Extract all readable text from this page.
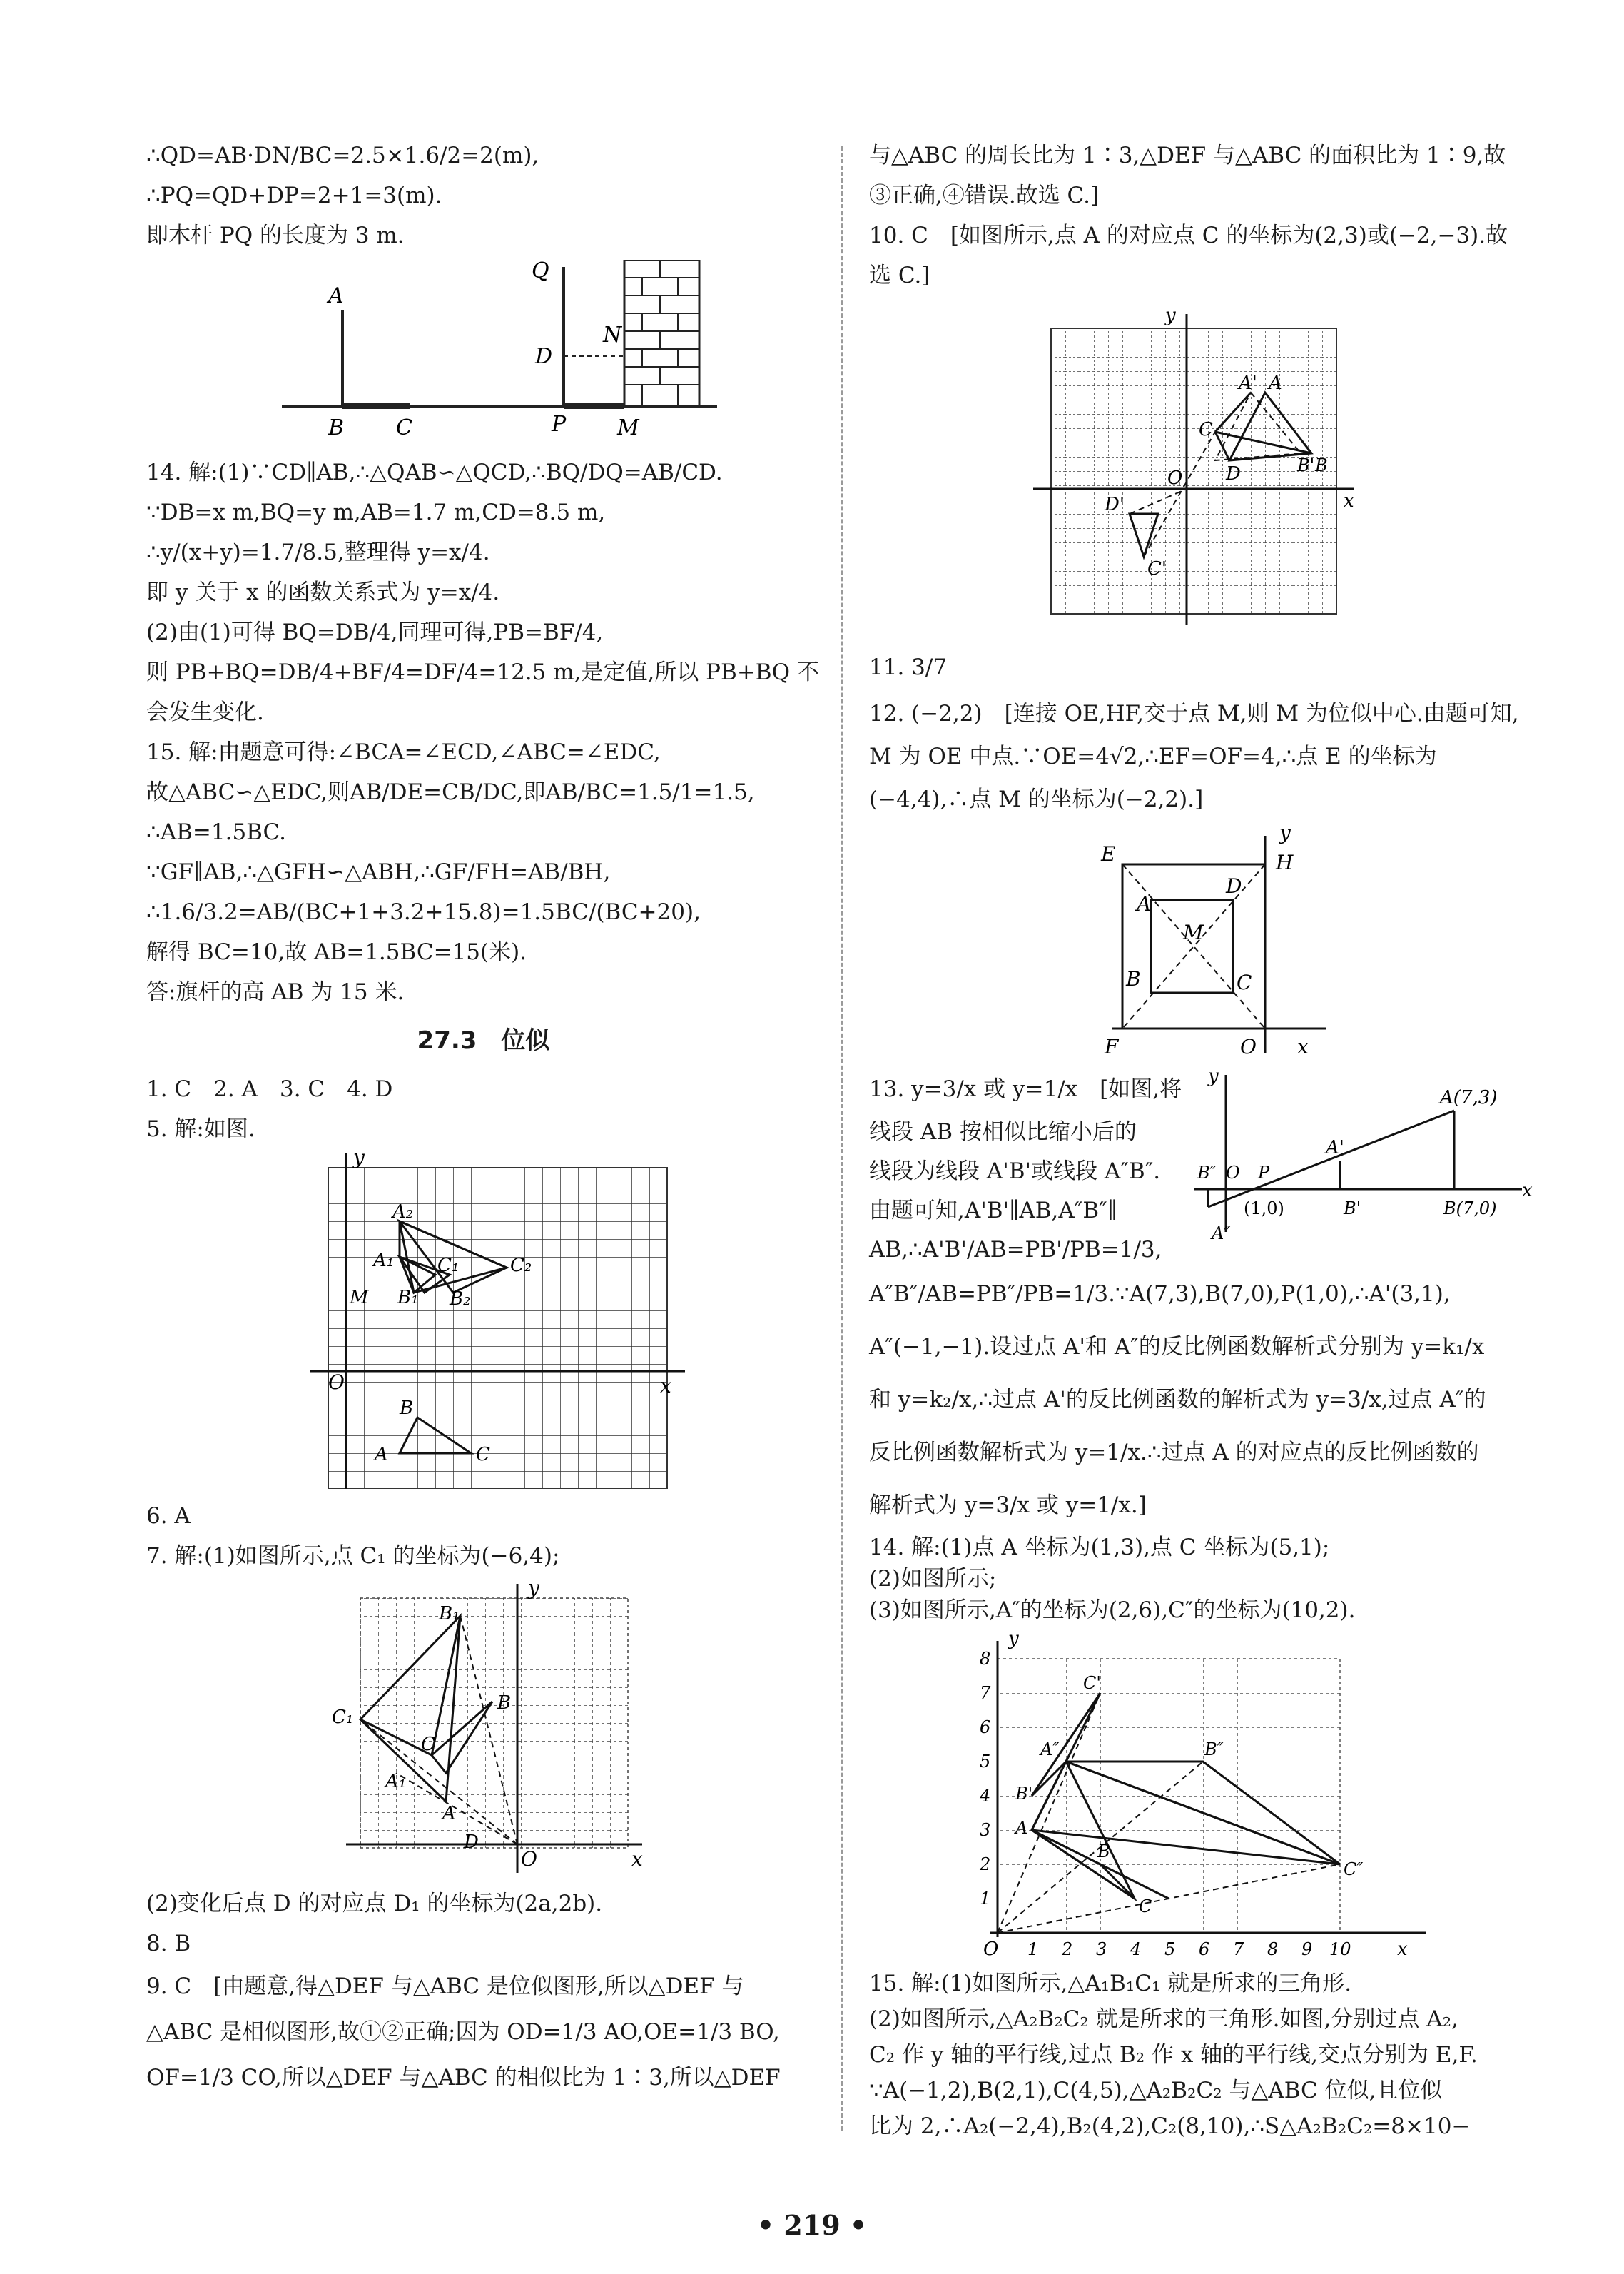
∴QD=AB·DN/BC=2.5×1.6/2=2(m),
∴PQ=QD+DP=2+1=3(m).
即木杆 PQ 的长度为 3 m.
A
B C
Q
D
N
P M
14. 解:(1)∵CD∥AB,∴△QAB∽△QCD,∴BQ/DQ=AB/CD.
∵DB=x m,BQ=y m,AB=1.7 m,CD=8.5 m,
∴y/(x+y)=1.7/8.5,整理得 y=x/4.
即 y 关于 x 的函数关系式为 y=x/4.
(2)由(1)可得 BQ=DB/4,同理可得,PB=BF/4,
则 PB+BQ=DB/4+BF/4=DF/4=12.5 m,是定值,所以 PB+BQ 不
会发生变化.
15. 解:由题意可得:∠BCA=∠ECD,∠ABC=∠EDC,
故△ABC∽△EDC,则AB/DE=CB/DC,即AB/BC=1.5/1=1.5,
∴AB=1.5BC.
∵GF∥AB,∴△GFH∽△ABH,∴GF/FH=AB/BH,
∴1.6/3.2=AB/(BC+1+3.2+15.8)=1.5BC/(BC+20),
解得 BC=10,故 AB=1.5BC=15(米).
答:旗杆的高 AB 为 15 米.
27.3　位似
1. C　2. A　3. C　4. D
5. 解:如图.
y
A₂
A₁ C₁	C₂
M B₁ B₂
O	x
B
A	C
6. A
7. 解:(1)如图所示,点 C₁ 的坐标为(−6,4);
y
B₁
C₁
B
C
A₁
A
D
O	x
(2)变化后点 D 的对应点 D₁ 的坐标为(2a,2b).
8. B
9. C　[由题意,得△DEF 与△ABC 是位似图形,所以△DEF 与
△ABC 是相似图形,故①②正确;因为 OD=1/3 AO,OE=1/3 BO,
OF=1/3 CO,所以△DEF 与△ABC 的相似比为 1∶3,所以△DEF
与△ABC 的周长比为 1∶3,△DEF 与△ABC 的面积比为 1∶9,故
③正确,④错误.故选 C.]
10. C　[如图所示,点 A 的对应点 C 的坐标为(2,3)或(−2,−3).故
选 C.]
y
A' A
C
B' B
O D
x
D'
C'
11. 3/7
12. (−2,2)　[连接 OE,HF,交于点 M,则 M 为位似中心.由题可知,
M 为 OE 中点.∵OE=4√2,∴EF=OF=4,∴点 E 的坐标为
(−4,4),∴点 M 的坐标为(−2,2).]
y
E	H
D
A
M
B	C
F	O x
13. y=3/x 或 y=1/x　[如图,将
线段 AB 按相似比缩小后的
线段为线段 A'B'或线段 A″B″.
由题可知,A'B'∥AB,A″B″∥
AB,∴A'B'/AB=PB'/PB=1/3,
y
A(7,3)
A'
B″ O P
(1,0)	B'	B(7,0)
x
A″
A″B″/AB=PB″/PB=1/3.∵A(7,3),B(7,0),P(1,0),∴A'(3,1),
A″(−1,−1).设过点 A'和 A″的反比例函数解析式分别为 y=k₁/x
和 y=k₂/x,∴过点 A'的反比例函数的解析式为 y=3/x,过点 A″的
反比例函数解析式为 y=1/x.∴过点 A 的对应点的反比例函数的
解析式为 y=3/x 或 y=1/x.]
14. 解:(1)点 A 坐标为(1,3),点 C 坐标为(5,1);
(2)如图所示;
(3)如图所示,A″的坐标为(2,6),C″的坐标为(10,2).
y
C'
A″	B″
B'
A
B
C″
C
O	x
1 2 3 4 5 6 7 8 9 10
1
2
3
4
5
6
7
8
15. 解:(1)如图所示,△A₁B₁C₁ 就是所求的三角形.
(2)如图所示,△A₂B₂C₂ 就是所求的三角形.如图,分别过点 A₂,
C₂ 作 y 轴的平行线,过点 B₂ 作 x 轴的平行线,交点分别为 E,F.
∵A(−1,2),B(2,1),C(4,5),△A₂B₂C₂ 与△ABC 位似,且位似
比为 2,∴A₂(−2,4),B₂(4,2),C₂(8,10),∴S△A₂B₂C₂=8×10−
• 219 •
